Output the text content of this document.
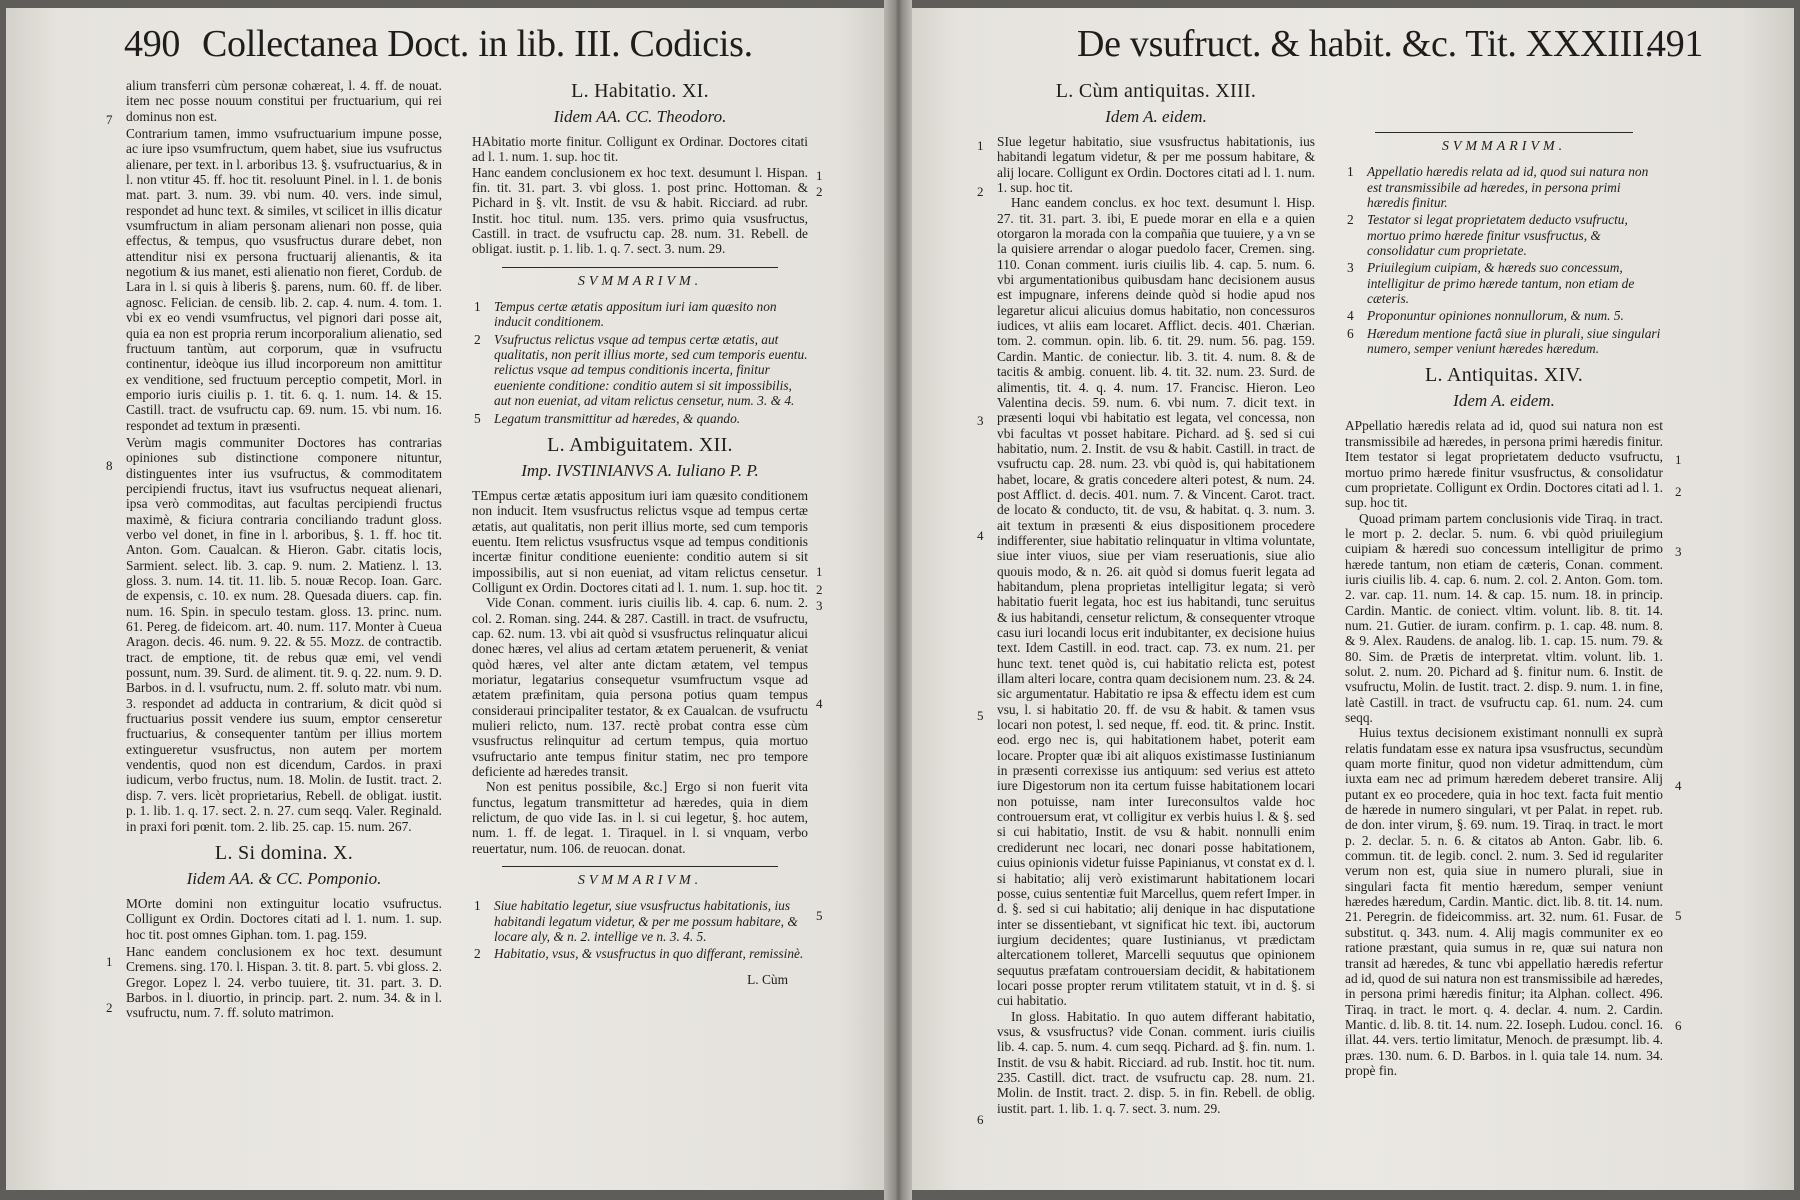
490 Collectanea Doct. in lib. III. Codicis.

alium transferri cùm personæ cohæreat, l. 4. ff. de nouat. item nec posse nouum constitui per fructuarium, qui rei dominus non est.

Contrarium tamen, immo vsufructuarium impune posse, ac iure ipso vsumfructum, quem habet, siue ius vsufructus alienare, per text. in l. arboribus 13. §. vsufructuarius, & in l. non vtitur 45. ff. hoc tit. resoluunt Pinel. in l. 1. de bonis mat. part. 3. num. 39. vbi num. 40. vers. inde simul, respondet ad hunc text. & similes, vt scilicet in illis dicatur vsumfructum in aliam personam alienari non posse, quia effectus, & tempus, quo vsusfructus durare debet, non attenditur nisi ex persona fructuarij alienantis, & ita negotium & ius manet, esti alienatio non fieret, Cordub. de Lara in l. si quis à liberis §. parens, num. 60. ff. de liber. agnosc. Felician. de censib. lib. 2. cap. 4. num. 4. tom. 1. vbi ex eo vendi vsumfructus, vel pignori dari posse ait, quia ea non est propria rerum incorporalium alienatio, sed fructuum tantùm, aut corporum, quæ in vsufructu continentur, ideòque ius illud incorporeum non amittitur ex venditione, sed fructuum perceptio competit, Morl. in emporio iuris ciuilis p. 1. tit. 6. q. 1. num. 14. & 15. Castill. tract. de vsufructu cap. 69. num. 15. vbi num. 16. respondet ad textum in præsenti.

Verùm magis communiter Doctores has contrarias opiniones sub distinctione componere nituntur, distinguentes inter ius vsufructus, & commoditatem percipiendi fructus, itavt ius vsufructus nequeat alienari, ipsa verò commoditas, aut facultas percipiendi fructus maximè, & ficiura contraria conciliando tradunt gloss. verbo vel donet, in fine in l. arboribus, §. 1. ff. hoc tit. Anton. Gom. Caualcan. & Hieron. Gabr. citatis locis, Sarmient. select. lib. 3. cap. 9. num. 2. Matienz. l. 13. gloss. 3. num. 14. tit. 11. lib. 5. nouæ Recop. Ioan. Garc. de expensis, c. 10. ex num. 28. Quesada diuers. cap. fin. num. 16. Spin. in speculo testam. gloss. 13. princ. num. 61. Pereg. de fideicom. art. 40. num. 117. Monter à Cueua Aragon. decis. 46. num. 9. 22. & 55. Mozz. de contractib. tract. de emptione, tit. de rebus quæ emi, vel vendi possunt, num. 39. Surd. de aliment. tit. 9. q. 22. num. 9. D. Barbos. in d. l. vsufructu, num. 2. ff. soluto matr. vbi num. 3. respondet ad adducta in contrarium, & dicit quòd si fructuarius possit vendere ius suum, emptor censeretur fructuarius, & consequenter tantùm per illius mortem extingueretur vsusfructus, non autem per mortem vendentis, quod non est dicendum, Cardos. in praxi iudicum, verbo fructus, num. 18. Molin. de Iustit. tract. 2. disp. 7. vers. licèt proprietarius, Rebell. de obligat. iustit. p. 1. lib. 1. q. 17. sect. 2. n. 27. cum seqq. Valer. Reginald. in praxi fori pœnit. tom. 2. lib. 25. cap. 15. num. 267.

L. Si domina. X.
Iidem AA. & CC. Pomponio.

MOrte domini non extinguitur locatio vsufructus. Colligunt ex Ordin. Doctores citati ad l. 1. num. 1. sup. hoc tit. post omnes Giphan. tom. 1. pag. 159.

Hanc eandem conclusionem ex hoc text. desumunt Cremens. sing. 170. l. Hispan. 3. tit. 8. part. 5. vbi gloss. 2. Gregor. Lopez l. 24. verbo tuuiere, tit. 31. part. 3. D. Barbos. in l. diuortio, in princip. part. 2. num. 34. & in l. vsufructu, num. 7. ff. soluto matrimon.

7
8
1
2
L. Habitatio. XI.
Iidem AA. CC. Theodoro.

HAbitatio morte finitur. Colligunt ex Ordinar. Doctores citati ad l. 1. num. 1. sup. hoc tit.

Hanc eandem conclusionem ex hoc text. desumunt l. Hispan. fin. tit. 31. part. 3. vbi gloss. 1. post princ. Hottoman. & Pichard in §. vlt. Instit. de vsu & habit. Ricciard. ad rubr. Instit. hoc titul. num. 135. vers. primo quia vsusfructus, Castill. in tract. de vsufructu cap. 28. num. 31. Rebell. de obligat. iustit. p. 1. lib. 1. q. 7. sect. 3. num. 29.

SVMMARIVM.
1 Tempus certæ ætatis appositum iuri iam quæsito non inducit conditionem.
2 Vsufructus relictus vsque ad tempus certæ ætatis, aut qualitatis, non perit illius morte, sed cum temporis euentu. relictus vsque ad tempus conditionis incerta, finitur eueniente conditione: conditio autem si sit impossibilis, aut non eueniat, ad vitam relictus censetur, num. 3. & 4.
5 Legatum transmittitur ad hæredes, & quando.
L. Ambiguitatem. XII.
Imp. IVSTINIANVS A. Iuliano P. P.

TEmpus certæ ætatis appositum iuri iam quæsito conditionem non inducit. Item vsusfructus relictus vsque ad tempus certæ ætatis, aut qualitatis, non perit illius morte, sed cum temporis euentu. Item relictus vsusfructus vsque ad tempus conditionis incertæ finitur conditione eueniente: conditio autem si sit impossibilis, aut si non eueniat, ad vitam relictus censetur. Colligunt ex Ordin. Doctores citati ad l. 1. num. 1. sup. hoc tit.

Vide Conan. comment. iuris ciuilis lib. 4. cap. 6. num. 2. col. 2. Roman. sing. 244. & 287. Castill. in tract. de vsufructu, cap. 62. num. 13. vbi ait quòd si vsusfructus relinquatur alicui donec hæres, vel alius ad certam ætatem peruenerit, & veniat quòd hæres, vel alter ante dictam ætatem, vel tempus moriatur, legatarius consequetur vsumfructum vsque ad ætatem præfinitam, quia persona potius quam tempus consideraui principaliter testator, & ex Caualcan. de vsufructu mulieri relicto, num. 137. rectè probat contra esse cùm vsusfructus relinquitur ad certum tempus, quia mortuo vsufructario ante tempus finitur statim, nec pro tempore deficiente ad hæredes transit.

Non est penitus possibile, &c.] Ergo si non fuerit vita functus, legatum transmittetur ad hæredes, quia in diem relictum, de quo vide Ias. in l. si cui legetur, §. hoc autem, num. 1. ff. de legat. 1. Tiraquel. in l. si vnquam, verbo reuertatur, num. 106. de reuocan. donat.

SVMMARIVM.
1 Siue habitatio legetur, siue vsusfructus habitationis, ius habitandi legatum videtur, & per me possum habitare, & locare aly, & n. 2. intellige ve n. 3. 4. 5.
2 Habitatio, vsus, & vsusfructus in quo differant, remissinè.
L. Cùm
1
2
1
2
3
4
5
De vsufruct. & habit. &c. Tit. XXXIII.
491
L. Cùm antiquitas. XIII.
Idem A. eidem.

SIue legetur habitatio, siue vsusfructus habitationis, ius habitandi legatum videtur, & per me possum habitare, & alij locare. Colligunt ex Ordin. Doctores citati ad l. 1. num. 1. sup. hoc tit.

Hanc eandem conclus. ex hoc text. desumunt l. Hisp. 27. tit. 31. part. 3. ibi, E puede morar en ella e a quien otorgaron la morada con la compañia que tuuiere, y a vn se la quisiere arrendar o alogar puedolo facer, Cremen. sing. 110. Conan comment. iuris ciuilis lib. 4. cap. 5. num. 6. vbi argumentationibus quibusdam hanc decisionem ausus est impugnare, inferens deinde quòd si hodie apud nos legaretur alicui alicuius domus habitatio, non concessuros iudices, vt aliis eam locaret. Afflict. decis. 401. Chærian. tom. 2. commun. opin. lib. 6. tit. 29. num. 56. pag. 159. Cardin. Mantic. de coniectur. lib. 3. tit. 4. num. 8. & de tacitis & ambig. conuent. lib. 4. tit. 32. num. 23. Surd. de alimentis, tit. 4. q. 4. num. 17. Francisc. Hieron. Leo Valentina decis. 59. num. 6. vbi num. 7. dicit text. in præsenti loqui vbi habitatio est legata, vel concessa, non vbi facultas vt posset habitare. Pichard. ad §. sed si cui habitatio, num. 2. Instit. de vsu & habit. Castill. in tract. de vsufructu cap. 28. num. 23. vbi quòd is, qui habitationem habet, locare, & gratis concedere alteri potest, & num. 24. post Afflict. d. decis. 401. num. 7. & Vincent. Carot. tract. de locato & conducto, tit. de vsu, & habitat. q. 3. num. 3. ait textum in præsenti & eius dispositionem procedere indifferenter, siue habitatio relinquatur in vltima voluntate, siue inter viuos, siue per viam reseruationis, siue alio quouis modo, & n. 26. ait quòd si domus fuerit legata ad habitandum, plena proprietas intelligitur legata; si verò habitatio fuerit legata, hoc est ius habitandi, tunc seruitus & ius habitandi, censetur relictum, & consequenter vtroque casu iuri locandi locus erit indubitanter, ex decisione huius text. Idem Castill. in eod. tract. cap. 73. ex num. 21. per hunc text. tenet quòd is, cui habitatio relicta est, potest illam alteri locare, contra quam decisionem num. 23. & 24. sic argumentatur. Habitatio re ipsa & effectu idem est cum vsu, l. si habitatio 20. ff. de vsu & habit. & tamen vsus locari non potest, l. sed neque, ff. eod. tit. & princ. Instit. eod. ergo nec is, qui habitationem habet, poterit eam locare. Propter quæ ibi ait aliquos existimasse Iustinianum in præsenti correxisse ius antiquum: sed verius est atteto iure Digestorum non ita certum fuisse habitationem locari non potuisse, nam inter Iureconsultos valde hoc controuersum erat, vt colligitur ex verbis huius l. & §. sed si cui habitatio, Instit. de vsu & habit. nonnulli enim crediderunt nec locari, nec donari posse habitationem, cuius opinionis videtur fuisse Papinianus, vt constat ex d. l. si habitatio; alij verò existimarunt habitationem locari posse, cuius sententiæ fuit Marcellus, quem refert Imper. in d. §. sed si cui habitatio; alij denique in hac disputatione inter se dissentiebant, vt significat hic text. ibi, auctorum iurgium decidentes; quare Iustinianus, vt prædictam altercationem tolleret, Marcelli sequutus que opinionem sequutus præfatam controuersiam decidit, & habitationem locari posse propter rerum vtilitatem statuit, vt in d. §. si cui habitatio.

In gloss. Habitatio. In quo autem differant habitatio, vsus, & vsusfructus? vide Conan. comment. iuris ciuilis lib. 4. cap. 5. num. 4. cum seqq. Pichard. ad §. fin. num. 1. Instit. de vsu & habit. Ricciard. ad rub. Instit. hoc tit. num. 235. Castill. dict. tract. de vsufructu cap. 28. num. 21. Molin. de Instit. tract. 2. disp. 5. in fin. Rebell. de oblig. iustit. part. 1. lib. 1. q. 7. sect. 3. num. 29.

1
2
3
4
5
6
SVMMARIVM.
1 Appellatio hæredis relata ad id, quod sui natura non est transmissibile ad hæredes, in persona primi hæredis finitur.
2 Testator si legat proprietatem deducto vsufructu, mortuo primo hærede finitur vsusfructus, & consolidatur cum proprietate.
3 Priuilegium cuipiam, & hæreds suo concessum, intelligitur de primo hærede tantum, non etiam de cæteris.
4 Proponuntur opiniones nonnullorum, & num. 5.
6 Hæredum mentione factâ siue in plurali, siue singulari numero, semper veniunt hæredes hæredum.
L. Antiquitas. XIV.
Idem A. eidem.

APpellatio hæredis relata ad id, quod sui natura non est transmissibile ad hæredes, in persona primi hæredis finitur. Item testator si legat proprietatem deducto vsufructu, mortuo primo hærede finitur vsusfructus, & consolidatur cum proprietate. Colligunt ex Ordin. Doctores citati ad l. 1. sup. hoc tit.

Quoad primam partem conclusionis vide Tiraq. in tract. le mort p. 2. declar. 5. num. 6. vbi quòd priuilegium cuipiam & hæredi suo concessum intelligitur de primo hærede tantum, non etiam de cæteris, Conan. comment. iuris ciuilis lib. 4. cap. 6. num. 2. col. 2. Anton. Gom. tom. 2. var. cap. 11. num. 14. & cap. 15. num. 18. in princip. Cardin. Mantic. de coniect. vltim. volunt. lib. 8. tit. 14. num. 21. Gutier. de iuram. confirm. p. 1. cap. 48. num. 8. & 9. Alex. Raudens. de analog. lib. 1. cap. 15. num. 79. & 80. Sim. de Prætis de interpretat. vltim. volunt. lib. 1. solut. 2. num. 20. Pichard ad §. finitur num. 6. Instit. de vsufructu, Molin. de Iustit. tract. 2. disp. 9. num. 1. in fine, latè Castill. in tract. de vsufructu cap. 61. num. 24. cum seqq.

Huius textus decisionem existimant nonnulli ex suprà relatis fundatam esse ex natura ipsa vsusfructus, secundùm quam morte finitur, quod non videtur admittendum, cùm iuxta eam nec ad primum hæredem deberet transire. Alij putant ex eo procedere, quia in hoc text. facta fuit mentio de hærede in numero singulari, vt per Palat. in repet. rub. de don. inter virum, §. 69. num. 19. Tiraq. in tract. le mort p. 2. declar. 5. n. 6. & citatos ab Anton. Gabr. lib. 6. commun. tit. de legib. concl. 2. num. 3. Sed id regulariter verum non est, quia siue in numero plurali, siue in singulari facta fit mentio hæredum, semper veniunt hæredes hæredum, Cardin. Mantic. dict. lib. 8. tit. 14. num. 21. Peregrin. de fideicommiss. art. 32. num. 61. Fusar. de substitut. q. 343. num. 4. Alij magis communiter ex eo ratione præstant, quia sumus in re, quæ sui natura non transit ad hæredes, & tunc vbi appellatio hæredis refertur ad id, quod de sui natura non est transmissibile ad hæredes, in persona primi hæredis finitur; ita Alphan. collect. 496. Tiraq. in tract. le mort. q. 4. declar. 4. num. 2. Cardin. Mantic. d. lib. 8. tit. 14. num. 22. Ioseph. Ludou. concl. 16. illat. 44. vers. tertio limitatur, Menoch. de præsumpt. lib. 4. præs. 130. num. 6. D. Barbos. in l. quia tale 14. num. 34. propè fin.

1
2
3
4
5
6
